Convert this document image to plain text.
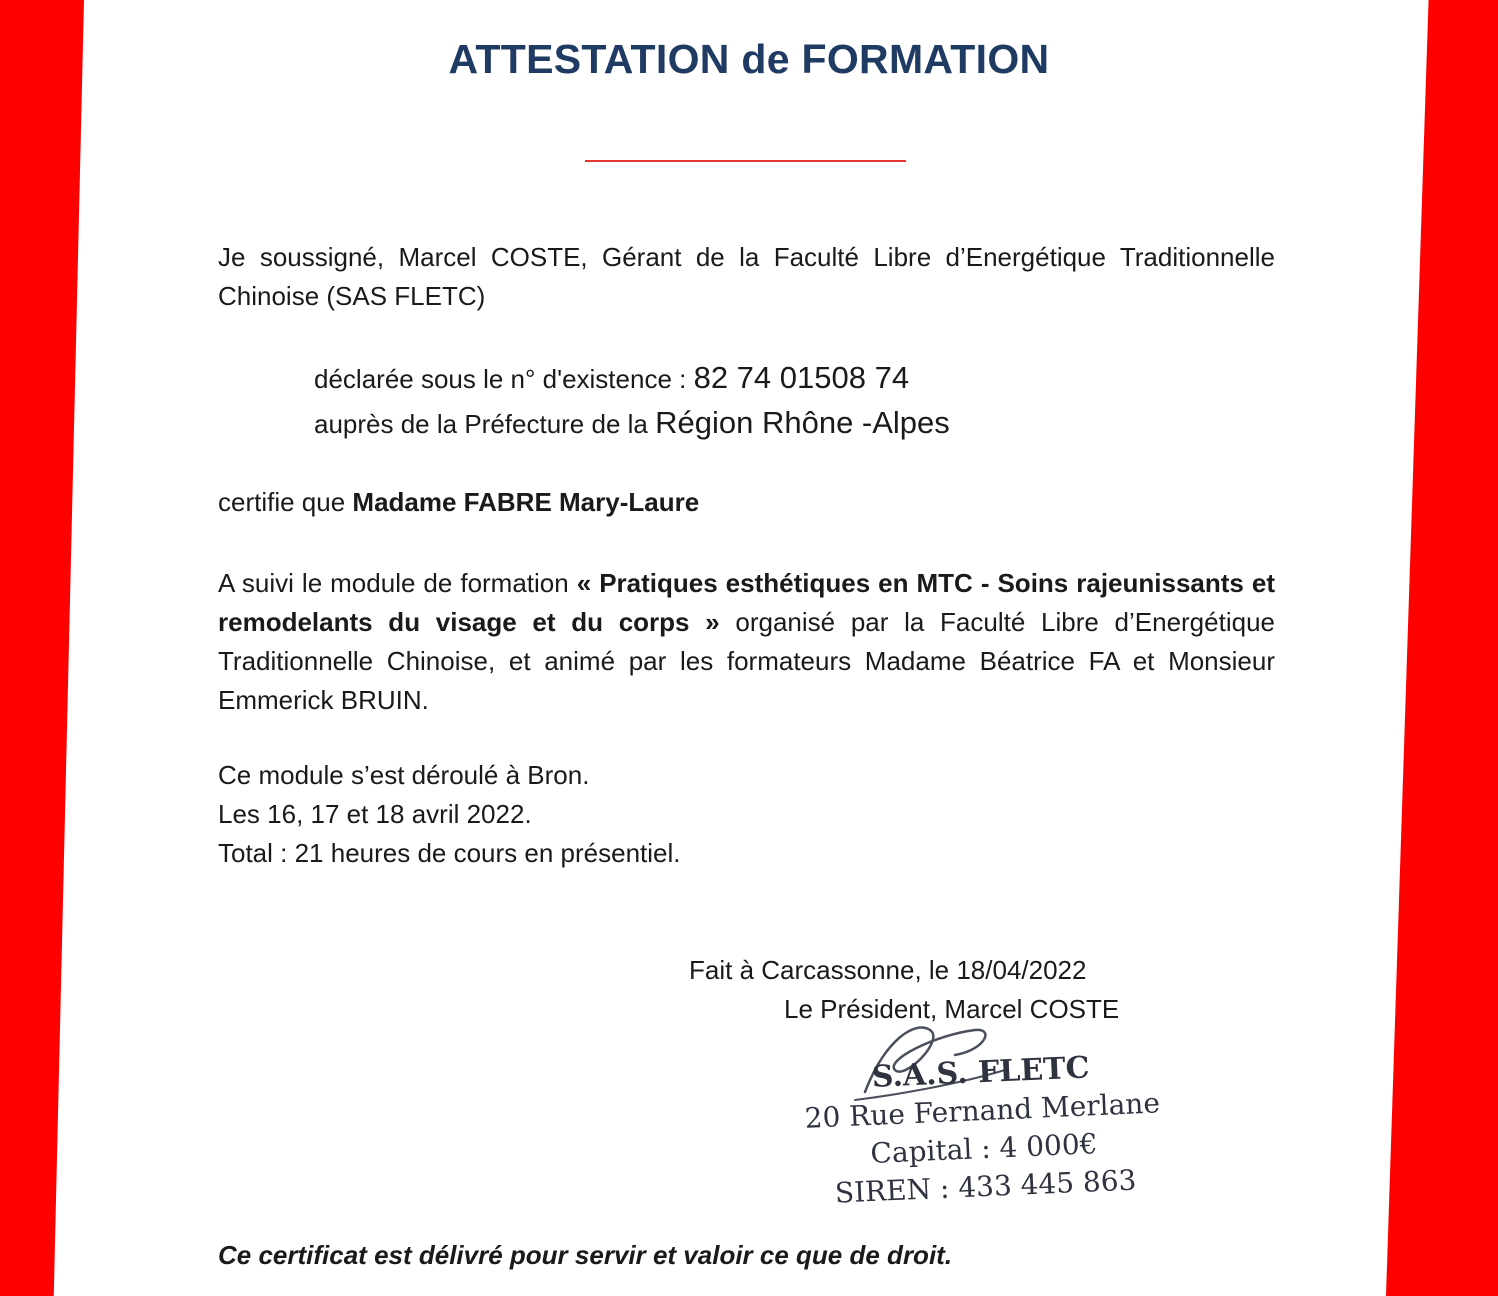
ATTESTATION de FORMATION
Je soussigné, Marcel COSTE, Gérant de la Faculté Libre d’Energétique Traditionnelle Chinoise (SAS FLETC)
déclarée sous le n° d'existence : 82 74 01508 74
auprès de la Préfecture de la Région Rhône -Alpes
certifie que Madame FABRE Mary-Laure
A suivi le module de formation « Pratiques esthétiques en MTC - Soins rajeunissants et remodelants du visage et du corps » organisé par la Faculté Libre d’Energétique Traditionnelle Chinoise, et animé par les formateurs Madame Béatrice FA et Monsieur Emmerick BRUIN.
Ce module s’est déroulé à Bron.
Les 16, 17 et 18 avril 2022.
Total : 21 heures de cours en présentiel.
Fait à Carcassonne, le 18/04/2022
Le Président, Marcel COSTE
S.A.S. FLETC
20 Rue Fernand Merlane
Capital : 4 000€
SIREN : 433 445 863
Ce certificat est délivré pour servir et valoir ce que de droit.
